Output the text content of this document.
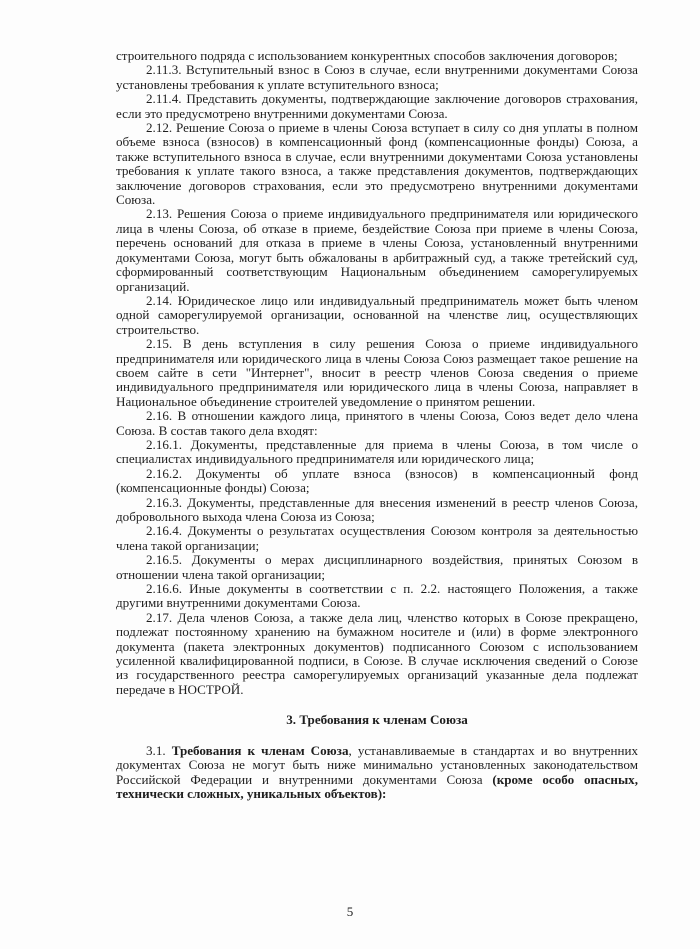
строительного подряда с использованием конкурентных способов заключения договоров;

2.11.3. Вступительный взнос в Союз в случае, если внутренними документами Союза установлены требования к уплате вступительного взноса;

2.11.4. Представить документы, подтверждающие заключение договоров страхования, если это предусмотрено внутренними документами Союза.

2.12. Решение Союза о приеме в члены Союза вступает в силу со дня уплаты в полном объеме взноса (взносов) в компенсационный фонд (компенсационные фонды) Союза, а также вступительного взноса в случае, если внутренними документами Союза установлены требования к уплате такого взноса, а также представления документов, подтверждающих заключение договоров страхования, если это предусмотрено внутренними документами Союза.

2.13. Решения Союза о приеме индивидуального предпринимателя или юридического лица в члены Союза, об отказе в приеме, бездействие Союза при приеме в члены Союза, перечень оснований для отказа в приеме в члены Союза, установленный внутренними документами Союза, могут быть обжалованы в арбитражный суд, а также третейский суд, сформированный соответствующим Национальным объединением саморегулируемых организаций.

2.14. Юридическое лицо или индивидуальный предприниматель может быть членом одной саморегулируемой организации, основанной на членстве лиц, осуществляющих строительство.

2.15. В день вступления в силу решения Союза о приеме индивидуального предпринимателя или юридического лица в члены Союза Союз размещает такое решение на своем сайте в сети "Интернет", вносит в реестр членов Союза сведения о приеме индивидуального предпринимателя или юридического лица в члены Союза, направляет в Национальное объединение строителей уведомление о принятом решении.

2.16. В отношении каждого лица, принятого в члены Союза, Союз ведет дело члена Союза. В состав такого дела входят:

2.16.1. Документы, представленные для приема в члены Союза, в том числе о специалистах индивидуального предпринимателя или юридического лица;

2.16.2. Документы об уплате взноса (взносов) в компенсационный фонд (компенсационные фонды) Союза;

2.16.3. Документы, представленные для внесения изменений в реестр членов Союза, добровольного выхода члена Союза из Союза;

2.16.4. Документы о результатах осуществления Союзом контроля за деятельностью члена такой организации;

2.16.5. Документы о мерах дисциплинарного воздействия, принятых Союзом в отношении члена такой организации;

2.16.6. Иные документы в соответствии с п. 2.2. настоящего Положения, а также другими внутренними документами Союза.

2.17. Дела членов Союза, а также дела лиц, членство которых в Союзе прекращено, подлежат постоянному хранению на бумажном носителе и (или) в форме электронного документа (пакета электронных документов) подписанного Союзом с использованием усиленной квалифицированной подписи, в Союзе. В случае исключения сведений о Союзе из государственного реестра саморегулируемых организаций указанные дела подлежат передаче в НОСТРОЙ.

3. Требования к членам Союза

3.1. Требования к членам Союза, устанавливаемые в стандартах и во внутренних документах Союза не могут быть ниже минимально установленных законодательством Российской Федерации и внутренними документами Союза (кроме особо опасных, технически сложных, уникальных объектов):

5
